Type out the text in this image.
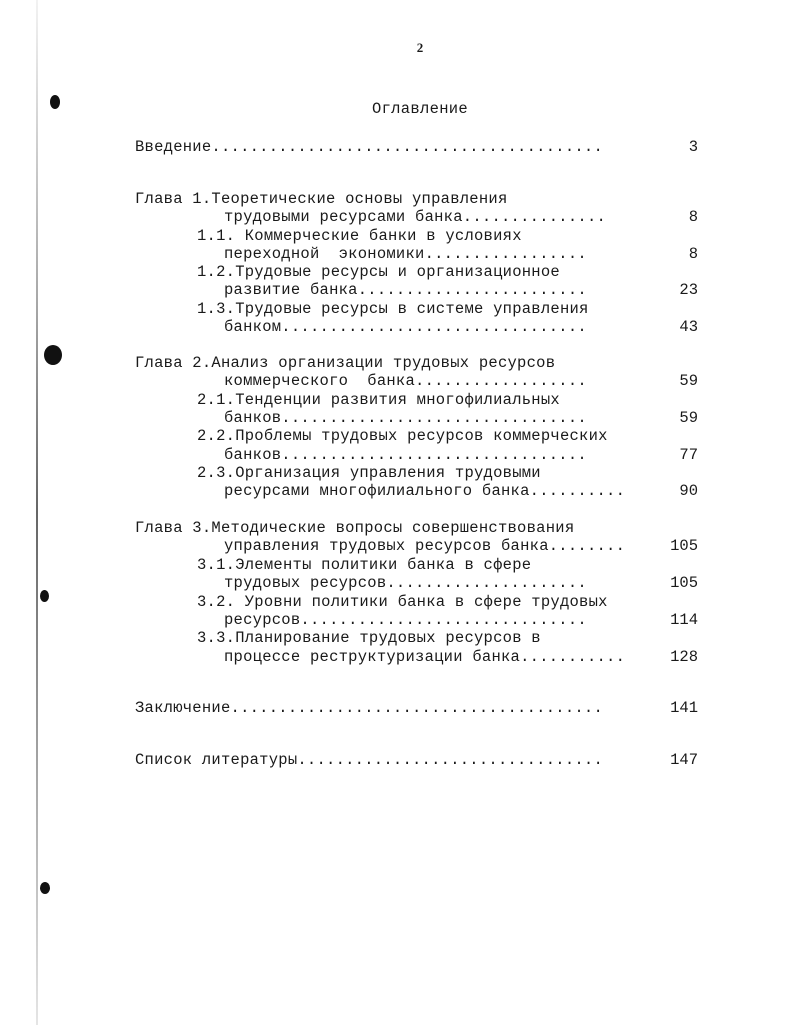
2
Оглавление
Введение.........................................	3
Глава 1.Теоретические основы управления
трудовыми ресурсами банка...............	8
1.1. Коммерческие банки в условиях
переходной  экономики.................	8
1.2.Трудовые ресурсы и организационное
развитие банка........................	23
1.3.Трудовые ресурсы в системе управления
банком................................	43
Глава 2.Анализ организации трудовых ресурсов
коммерческого  банка..................	59
2.1.Тенденции развития многофилиальных
банков................................	59
2.2.Проблемы трудовых ресурсов коммерческих
банков................................	77
2.3.Организация управления трудовыми
ресурсами многофилиального банка..........	90
Глава 3.Методические вопросы совершенствования
управления трудовых ресурсов банка........	105
3.1.Элементы политики банка в сфере
трудовых ресурсов.....................	105
3.2. Уровни политики банка в сфере трудовых
ресурсов..............................	114
3.3.Планирование трудовых ресурсов в
процессе реструктуризации банка...........	128
Заключение.......................................	141
Список литературы................................	147
